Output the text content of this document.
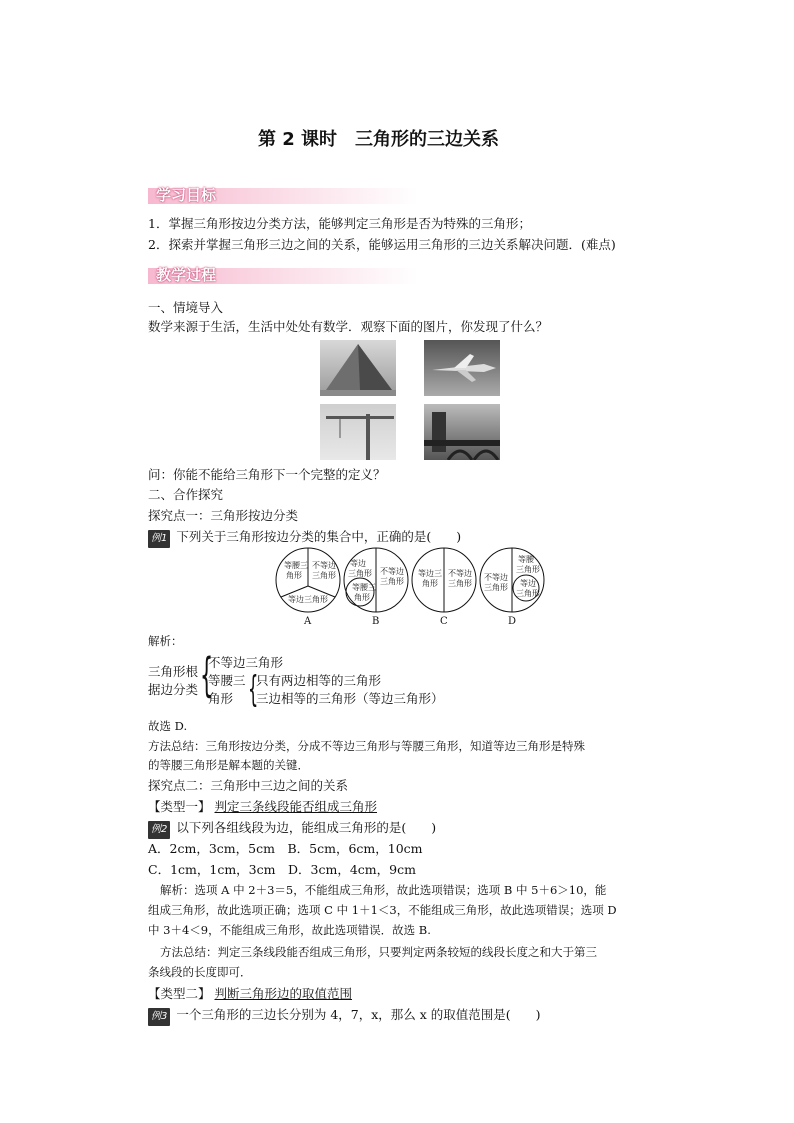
第 2 课时　三角形的三边关系
学习目标
1．掌握三角形按边分类方法，能够判定三角形是否为特殊的三角形；
2．探索并掌握三角形三边之间的关系，能够运用三角形的三边关系解决问题．(难点)
教学过程
一、情境导入
数学来源于生活，生活中处处有数学．观察下面的图片，你发现了什么？
问：你能不能给三角形下一个完整的定义？
二、合作探究
探究点一：三角形按边分类
例1 下列关于三角形按边分类的集合中，正确的是(　　)
等腰三
角形
不等边
三角形
等边三角形
等边
三角形
等腰三
角形
不等边
三角形
等边三
角形
不等边
三角形
不等边
三角形
等腰
三角形
等边
三角形
A	B	C	D
解析：
三角形根
据边分类 {
不等边三角形
等腰三
角形 {
只有两边相等的三角形
三边相等的三角形（等边三角形）
故选 D.
方法总结：三角形按边分类，分成不等边三角形与等腰三角形，知道等边三角形是特殊
的等腰三角形是解本题的关键．
探究点二：三角形中三边之间的关系
【类型一】 判定三条线段能否组成三角形
例2 以下列各组线段为边，能组成三角形的是(　　)
A．2cm，3cm，5cm　B．5cm，6cm，10cm
C．1cm，1cm，3cm　D．3cm，4cm，9cm
解析：选项 A 中 2＋3＝5，不能组成三角形，故此选项错误；选项 B 中 5＋6＞10，能
组成三角形，故此选项正确；选项 C 中 1＋1＜3，不能组成三角形，故此选项错误；选项 D
中 3＋4＜9，不能组成三角形，故此选项错误．故选 B.
方法总结：判定三条线段能否组成三角形，只要判定两条较短的线段长度之和大于第三
条线段的长度即可．
【类型二】 判断三角形边的取值范围
例3 一个三角形的三边长分别为 4，7，x，那么 x 的取值范围是(　　)
